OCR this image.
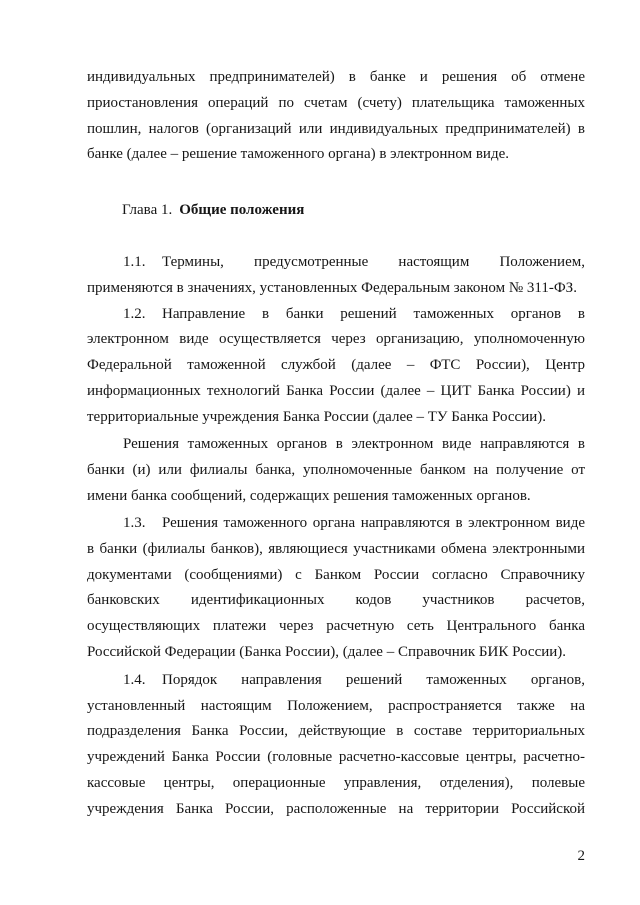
индивидуальных предпринимателей) в банке и решения об отмене
приостановления операций по счетам (счету) плательщика таможенных
пошлин, налогов (организаций или индивидуальных предпринимателей) в
банке (далее – решение таможенного органа) в электронном виде.
Глава 1. Общие положения
1.1.	Термины, предусмотренные настоящим Положением,
применяются в значениях, установленных Федеральным законом № 311-ФЗ.
1.2.	Направление в банки решений таможенных органов в
электронном виде осуществляется через организацию, уполномоченную
Федеральной таможенной службой (далее – ФТС России), Центр
информационных технологий Банка России (далее – ЦИТ Банка России) и
территориальные учреждения Банка России (далее – ТУ Банка России).
Решения таможенных органов в электронном виде направляются в
банки (и) или филиалы банка, уполномоченные банком на получение от
имени банка сообщений, содержащих решения таможенных органов.
1.3.	Решения таможенного органа направляются в электронном виде
в банки (филиалы банков), являющиеся участниками обмена электронными
документами (сообщениями) с Банком России согласно Справочнику
банковских идентификационных кодов участников расчетов,
осуществляющих платежи через расчетную сеть Центрального банка
Российской Федерации (Банка России), (далее – Справочник БИК России).
1.4.	Порядок направления решений таможенных органов,
установленный настоящим Положением, распространяется также на
подразделения Банка России, действующие в составе территориальных
учреждений Банка России (головные расчетно-кассовые центры, расчетно-
кассовые центры, операционные управления, отделения), полевые
учреждения Банка России, расположенные на территории Российской
2
